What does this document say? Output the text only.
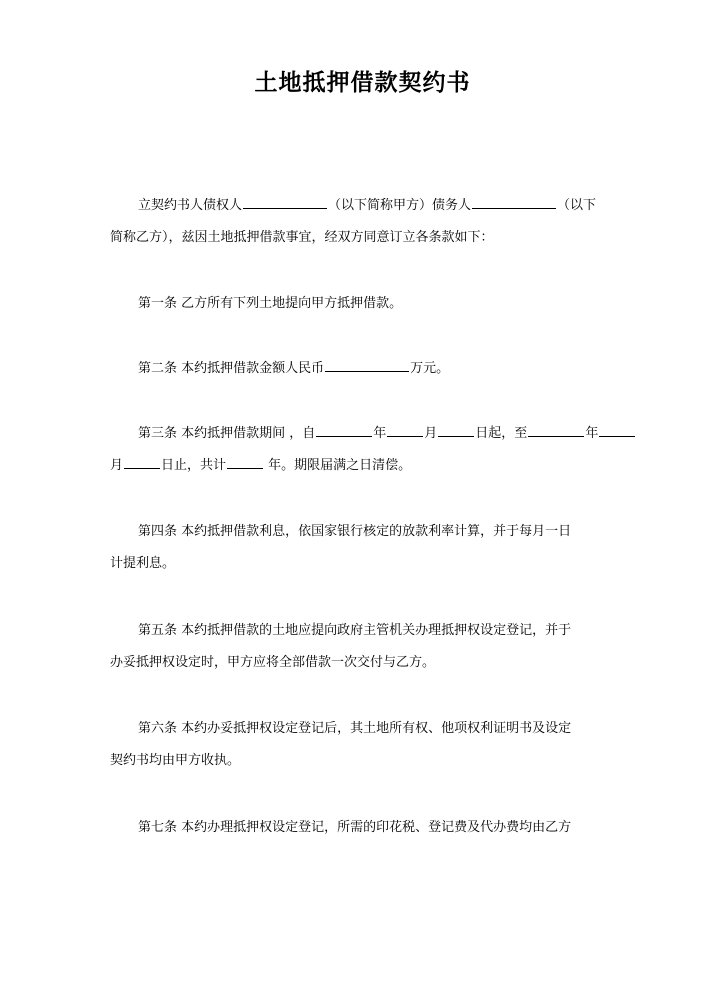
土地抵押借款契约书
立契约书人债权人	（以下简称甲方）债务人	（以下
简称乙方），兹因土地抵押借款事宜，经双方同意订立各条款如下：
第一条 乙方所有下列土地提向甲方抵押借款。
第二条 本约抵押借款金额人民币	万元。
第三条 本约抵押借款期间 ，自	年	月	日起，至	年
月	日止，共计	年。期限届满之日清偿。
第四条 本约抵押借款利息，依国家银行核定的放款利率计算，并于每月一日
计提利息。
第五条 本约抵押借款的土地应提向政府主管机关办理抵押权设定登记，并于
办妥抵押权设定时，甲方应将全部借款一次交付与乙方。
第六条 本约办妥抵押权设定登记后，其土地所有权、他项权利证明书及设定
契约书均由甲方收执。
第七条 本约办理抵押权设定登记，所需的印花税、登记费及代办费均由乙方
